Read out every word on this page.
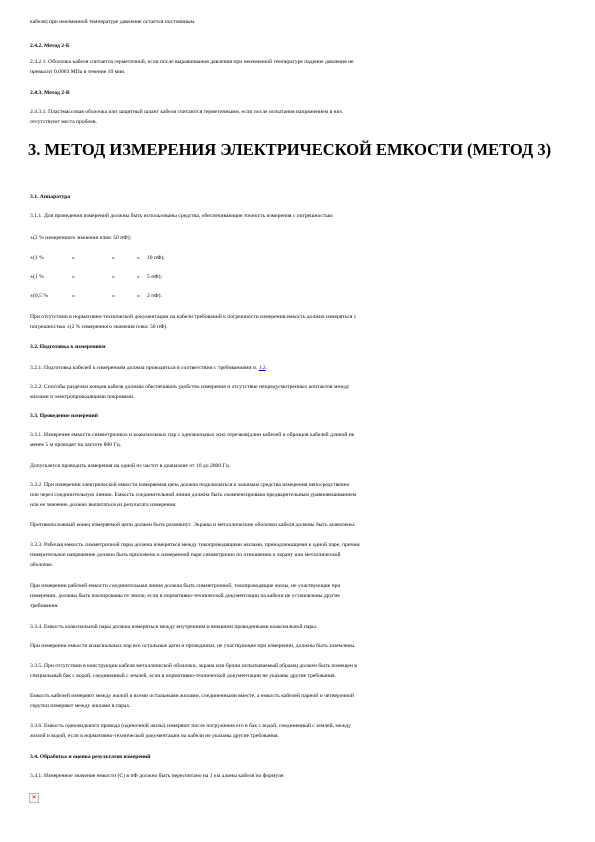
кабеля) при неизменной температуре давление остается постоянным.
2.4.2. Метод 2-Б
2.4.2.1. Оболочка кабеля считается герметичной, если после выравнивания давления при неизменной температуре падение давления не
превысит 0,0003 МПа в течение 10 мин.
2.4.3. Метод 2-В
2.4.3.1. Пластмассовая оболочка или защитный шланг кабеля считаются герметичными, если после испытания напряжением в них
отсутствуют места пробоев.
3. МЕТОД ИЗМЕРЕНИЯ ЭЛЕКТРИЧЕСКОЙ ЕМКОСТИ (МЕТОД 3)
3.1. Аппаратура
3.1.1. Для проведения измерений должны быть использованы средства, обеспечивающие точность измерения с погрешностью:
±(2 % измеренного значения плюс 50 пФ);
±(1 %	»	»	» 10 пФ);
±(1 %	»	»	» 5 пФ);
±(0,5 %	»	»	» 2 пФ).
При отсутствии в нормативно-технической документации на кабели требований к погрешности измерения емкость должна измеряться с
погрешностью ±(2 % измеренного значения плюс 50 пФ).
3.2. Подготовка к измерениям
3.2.1. Подготовка кабелей к измерениям должна проводиться в соответствии с требованиями п. 1.2.
3.2.2. Способы разделки концов кабеля должны обеспечивать удобство измерения и отсутствие непредусмотренных контактов между
жилами и электропроводящими покровами.
3.3. Проведение измерений
3.3.1. Измерение емкости симметричных и коаксиальных пар с одножильных жил отрезков(длин кабелей и образцов кабелей длиной не
менее 5 м проводят на частоте 800 Гц.
Допускается проводить измерения на одной из частот в диапазоне от 10 до 2000 Гц.
3.3.2. При измерении электрической емкости измеряемая цепь должна подключаться к зажимам средства измерения непосредственно
или через соединительную линию. Емкость соединительной линии должна быть скомпенсирована предварительным уравновешиванием
или ее значение должно вычитаться из результата измерения.
Противоположный конец измеряемой цепи должен быть разомкнут. Экраны и металлические оболочки кабеля должны быть заземлены.
3.3.3. Рабочая емкость симметричной пары должна измеряться между токопроводящими жилами, принадлежащими к одной паре, причем
измерительное напряжение должно быть приложено к измеряемой паре симметрично по отношению к экрану или металлической
оболочке.
При измерении рабочей емкости соединительная линия должна быть симметричной, токопроводящие жилы, не участвующие при
измерении, должны быть изолированы от земли, если в нормативно-технической документации на кабели не установлены другие
требования.
3.3.4. Емкость коаксиальной пары должна измеряться между внутренним и внешним проводниками коаксиальной пары.
При измерении емкости коаксиальных пар все остальные цепи и проводники, не участвующие при измерении, должны быть заземлены.
3.3.5. При отсутствии в конструкции кабеля металлической оболочки, экрана или брони испытываемый образец должен быть помещен в
специальный бак с водой, соединенный с землей, если в нормативно-технической документации не указаны другие требования.
Емкость кабелей измеряют между жилой и всеми остальными жилами, соединенными вместе, а емкость кабелей парной и четверочной
скрутки измеряют между жилами в парах.
3.3.6. Емкость одножильного провода (одиночной жилы) измеряют после погружения его в бак с водой, соединенный с землей, между
жилой и водой, если в нормативно-технической документации на кабели не указаны другие требования.
3.4. Обработка и оценка результатов измерений
3.4.1. Измеренное значение емкости (С) в пФ должно быть пересчитано на 1 км длины кабеля по формуле:
✕
